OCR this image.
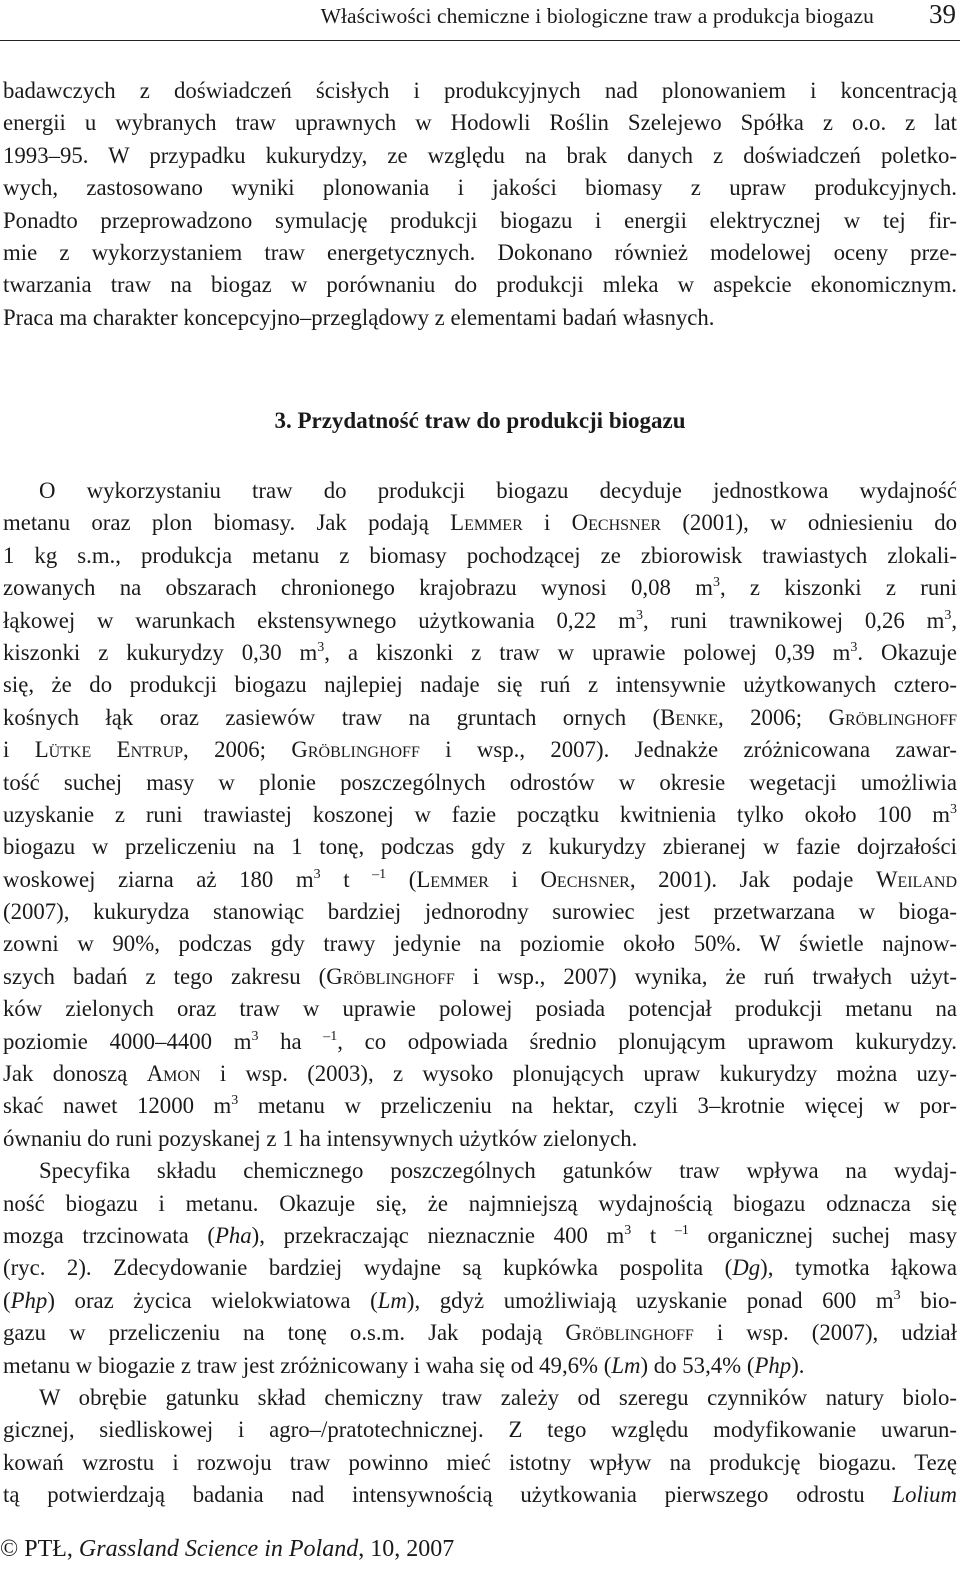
Właściwości chemiczne i biologiczne traw a produkcja biogazu 39
badawczych z doświadczeń ścisłych i produkcyjnych nad plonowaniem i koncentracją
energii u wybranych traw uprawnych w Hodowli Roślin Szelejewo Spółka z o.o. z lat
1993–95. W przypadku kukurydzy, ze względu na brak danych z doświadczeń poletko-
wych, zastosowano wyniki plonowania i jakości biomasy z upraw produkcyjnych.
Ponadto przeprowadzono symulację produkcji biogazu i energii elektrycznej w tej fir-
mie z wykorzystaniem traw energetycznych. Dokonano również modelowej oceny prze-
twarzania traw na biogaz w porównaniu do produkcji mleka w aspekcie ekonomicznym.
Praca ma charakter koncepcyjno–przeglądowy z elementami badań własnych.
3. Przydatność traw do produkcji biogazu
O wykorzystaniu traw do produkcji biogazu decyduje jednostkowa wydajność
metanu oraz plon biomasy. Jak podają Lemmer i Oechsner (2001), w odniesieniu do
1 kg s.m., produkcja metanu z biomasy pochodzącej ze zbiorowisk trawiastych zlokali-
zowanych na obszarach chronionego krajobrazu wynosi 0,08 $m^3$, z kiszonki z runi
łąkowej w warunkach ekstensywnego użytkowania 0,22 $m^3$, runi trawnikowej 0,26 $m^3$,
kiszonki z kukurydzy 0,30 $m^3$, a kiszonki z traw w uprawie polowej 0,39 $m^3$. Okazuje
się, że do produkcji biogazu najlepiej nadaje się ruń z intensywnie użytkowanych cztero-
kośnych łąk oraz zasiewów traw na gruntach ornych (Benke, 2006; Gröblinghoff
i Lütke Entrup, 2006; Gröblinghoff i wsp., 2007). Jednakże zróżnicowana zawar-
tość suchej masy w plonie poszczególnych odrostów w okresie wegetacji umożliwia
uzyskanie z runi trawiastej koszonej w fazie początku kwitnienia tylko około 100 $m^3$
biogazu w przeliczeniu na 1 tonę, podczas gdy z kukurydzy zbieranej w fazie dojrzałości
woskowej ziarna aż 180 $m^3$ t $^{-1}$ (Lemmer i Oechsner, 2001). Jak podaje Weiland
(2007), kukurydza stanowiąc bardziej jednorodny surowiec jest przetwarzana w bioga-
zowni w 90%, podczas gdy trawy jedynie na poziomie około 50%. W świetle najnow-
szych badań z tego zakresu (Gröblinghoff i wsp., 2007) wynika, że ruń trwałych użyt-
ków zielonych oraz traw w uprawie polowej posiada potencjał produkcji metanu na
poziomie 4000–4400 $m^3$ ha $^{-1}$, co odpowiada średnio plonującym uprawom kukurydzy.
Jak donoszą Amon i wsp. (2003), z wysoko plonujących upraw kukurydzy można uzy-
skać nawet 12000 $m^3$ metanu w przeliczeniu na hektar, czyli 3–krotnie więcej w por-
ównaniu do runi pozyskanej z 1 ha intensywnych użytków zielonych.
Specyfika składu chemicznego poszczególnych gatunków traw wpływa na wydaj-
ność biogazu i metanu. Okazuje się, że najmniejszą wydajnością biogazu odznacza się
mozga trzcinowata (Pha), przekraczając nieznacznie 400 $m^3$ t $^{-1}$ organicznej suchej masy
(ryc. 2). Zdecydowanie bardziej wydajne są kupkówka pospolita (Dg), tymotka łąkowa
(Php) oraz życica wielokwiatowa (Lm), gdyż umożliwiają uzyskanie ponad 600 $m^3$ bio-
gazu w przeliczeniu na tonę o.s.m. Jak podają Gröblinghoff i wsp. (2007), udział
metanu w biogazie z traw jest zróżnicowany i waha się od 49,6% (Lm) do 53,4% (Php).
W obrębie gatunku skład chemiczny traw zależy od szeregu czynników natury biolo-
gicznej, siedliskowej i agro–/pratotechnicznej. Z tego względu modyfikowanie uwarun-
kowań wzrostu i rozwoju traw powinno mieć istotny wpływ na produkcję biogazu. Tezę
tą potwierdzają badania nad intensywnością użytkowania pierwszego odrostu Lolium
© PTŁ, Grassland Science in Poland, 10, 2007
